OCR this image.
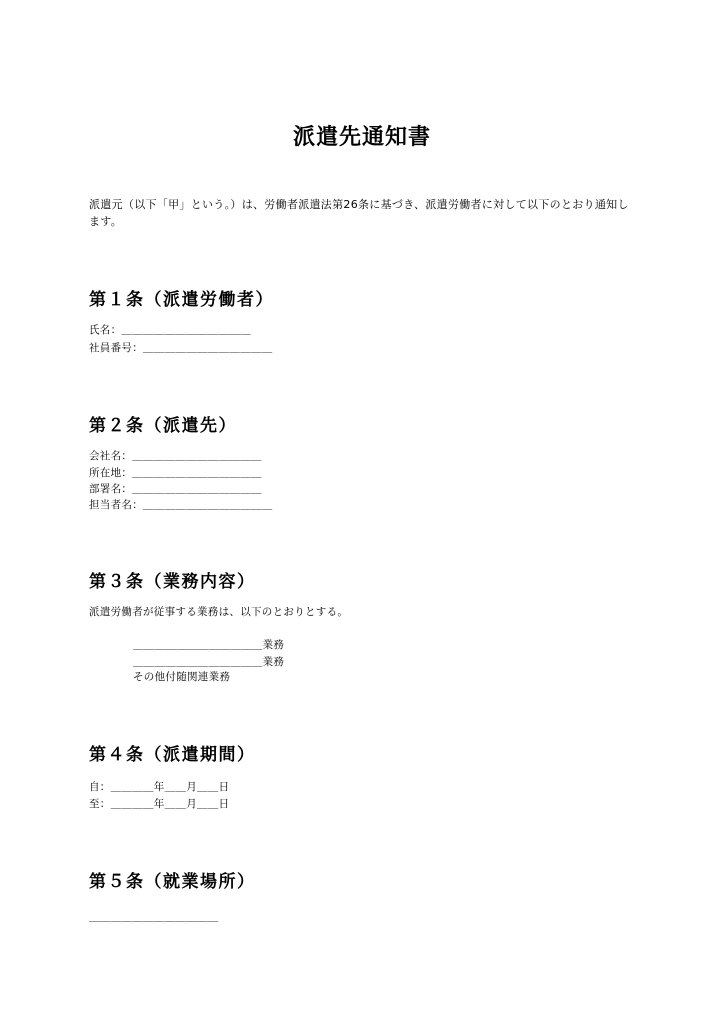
派遣先通知書
派遣元（以下「甲」という。）は、労働者派遣法第26条に基づき、派遣労働者に対して以下のとおり通知します。
第１条（派遣労働者）
氏名：＿＿＿＿＿＿＿＿＿＿＿＿
社員番号：＿＿＿＿＿＿＿＿＿＿＿＿
第２条（派遣先）
会社名：＿＿＿＿＿＿＿＿＿＿＿＿
所在地：＿＿＿＿＿＿＿＿＿＿＿＿
部署名：＿＿＿＿＿＿＿＿＿＿＿＿
担当者名：＿＿＿＿＿＿＿＿＿＿＿＿
第３条（業務内容）
派遣労働者が従事する業務は、以下のとおりとする。
＿＿＿＿＿＿＿＿＿＿＿＿業務
＿＿＿＿＿＿＿＿＿＿＿＿業務
その他付随関連業務
第４条（派遣期間）
自：＿＿＿＿年＿＿月＿＿日
至：＿＿＿＿年＿＿月＿＿日
第５条（就業場所）
＿＿＿＿＿＿＿＿＿＿＿＿
